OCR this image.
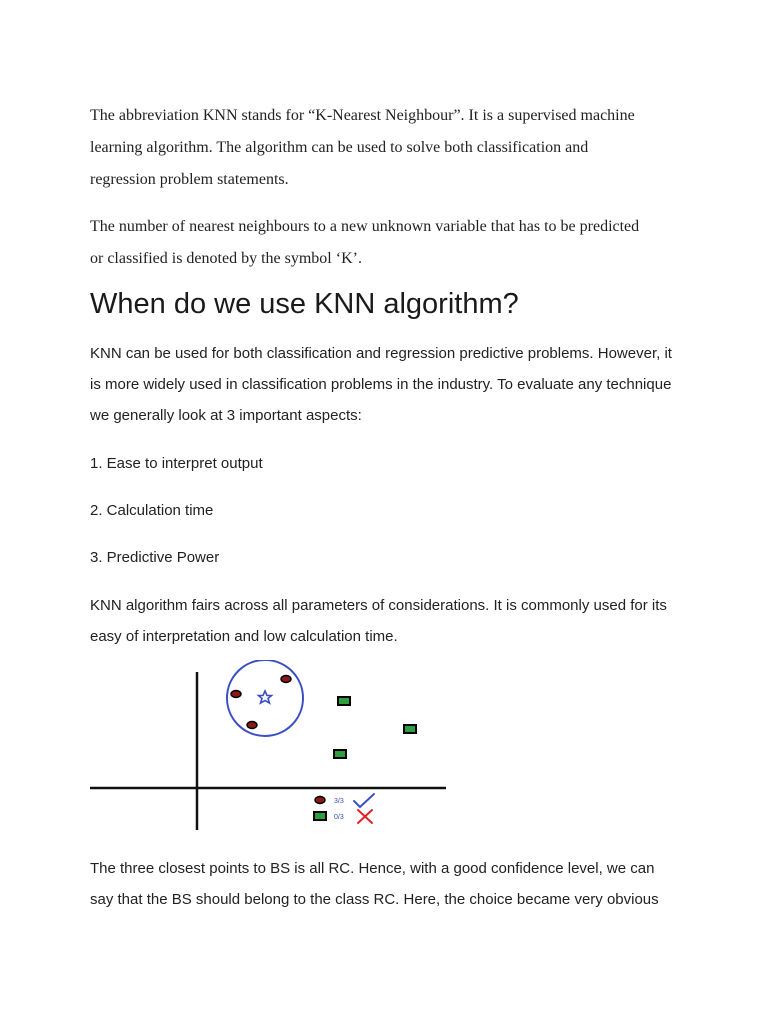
The abbreviation KNN stands for “K-Nearest Neighbour”. It is a supervised machine

learning algorithm. The algorithm can be used to solve both classification and

regression problem statements.

The number of nearest neighbours to a new unknown variable that has to be predicted

or classified is denoted by the symbol ‘K’.

When do we use KNN algorithm?

KNN can be used for both classification and regression predictive problems. However, it

is more widely used in classification problems in the industry. To evaluate any technique

we generally look at 3 important aspects:

1. Ease to interpret output

2. Calculation time

3. Predictive Power

KNN algorithm fairs across all parameters of considerations. It is commonly used for its

easy of interpretation and low calculation time.

3/3
0/3

The three closest points to BS is all RC. Hence, with a good confidence level, we can

say that the BS should belong to the class RC. Here, the choice became very obvious
